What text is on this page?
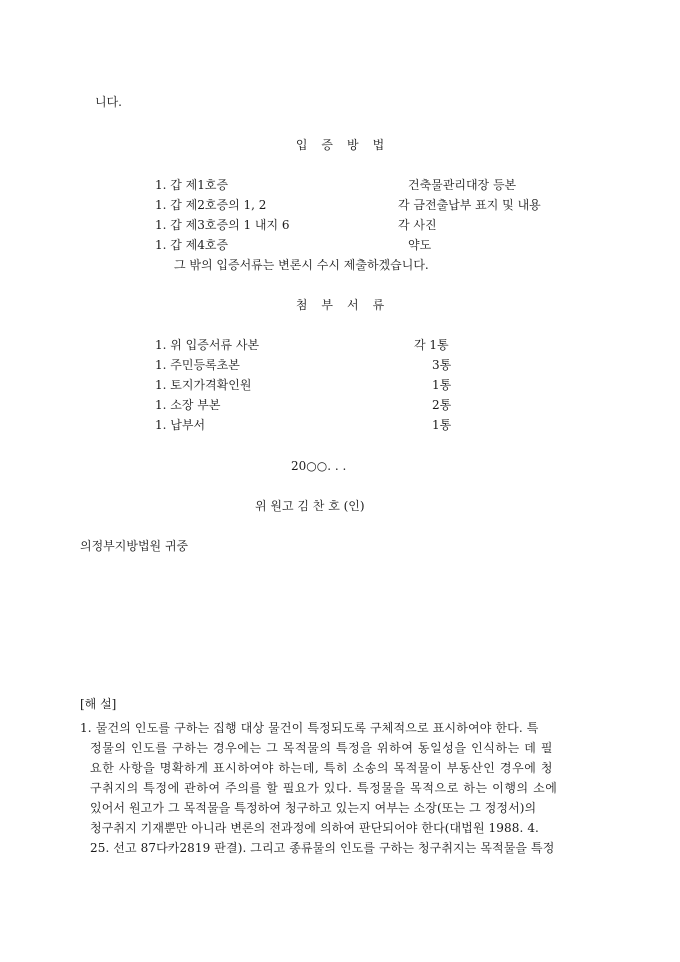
니다.
입증방법
1. 갑 제1호증	건축물관리대장 등본
1. 갑 제2호증의 1, 2	각 금전출납부 표지 및 내용
1. 갑 제3호증의 1 내지 6	각 사진
1. 갑 제4호증	약도
그 밖의 입증서류는 변론시 수시 제출하겠습니다.
첨부서류
1. 위 입증서류 사본	각 1통
1. 주민등록초본	3통
1. 토지가격확인원	1통
1. 소장 부본	2통
1. 납부서	1통
20○○. . .
위 원고 김 찬 호 (인)
의정부지방법원 귀중
[해 설]
1. 물건의 인도를 구하는 집행 대상 물건이 특정되도록 구체적으로 표시하여야 한다. 특
정물의 인도를 구하는 경우에는 그 목적물의 특정을 위하여 동일성을 인식하는 데 필
요한 사항을 명확하게 표시하여야 하는데, 특히 소송의 목적물이 부동산인 경우에 청
구취지의 특정에 관하여 주의를 할 필요가 있다. 특정물을 목적으로 하는 이행의 소에
있어서 원고가 그 목적물을 특정하여 청구하고 있는지 여부는 소장(또는 그 정정서)의
청구취지 기재뿐만 아니라 변론의 전과정에 의하여 판단되어야 한다(대법원 1988. 4.
25. 선고 87다카2819 판결). 그리고 종류물의 인도를 구하는 청구취지는 목적물을 특정
